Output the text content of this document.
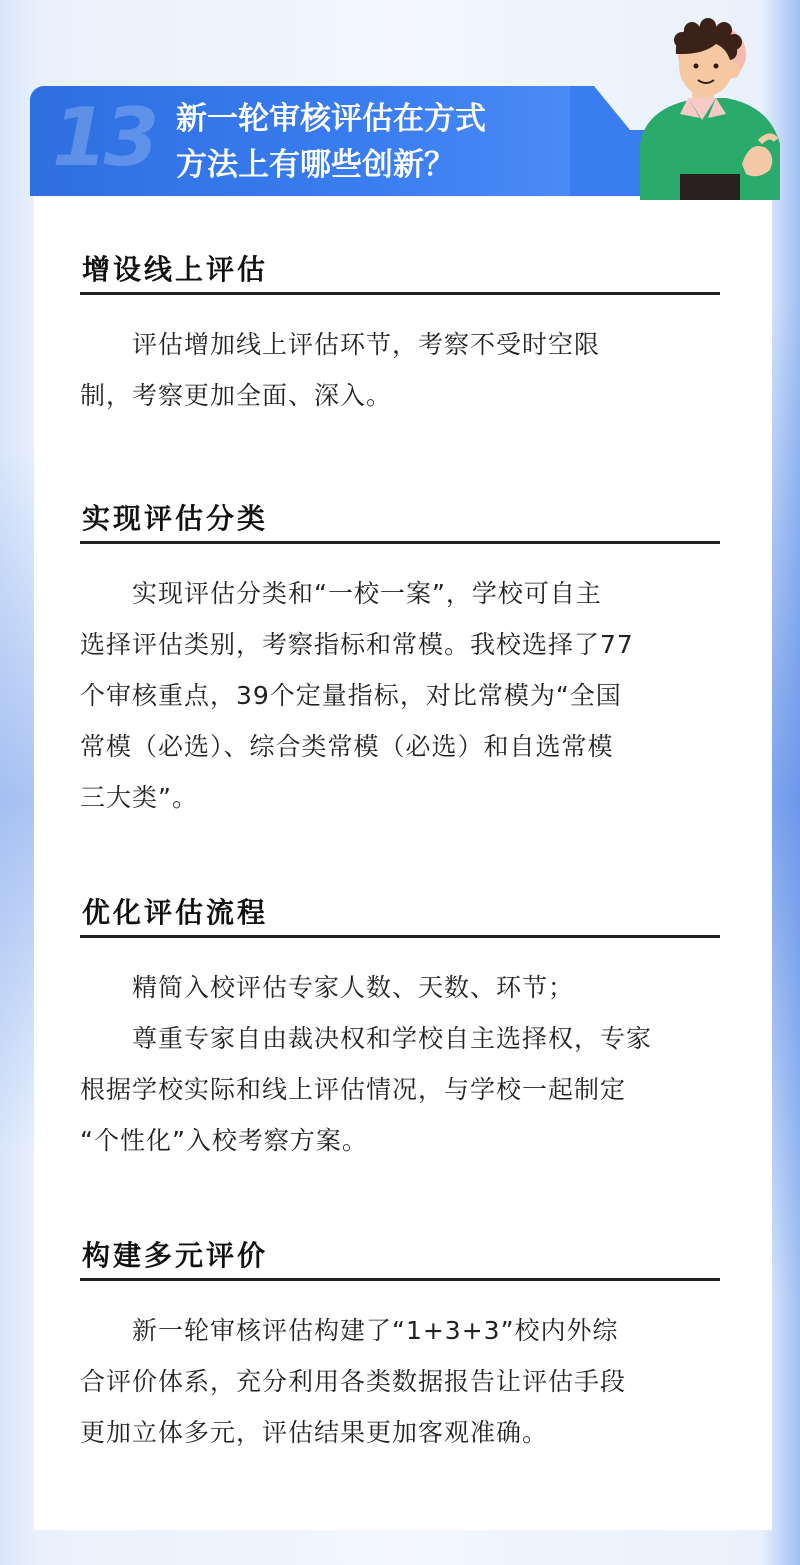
13 新一轮审核评估在方式
方法上有哪些创新？
增设线上评估

　　评估增加线上评估环节，考察不受时空限

制，考察更加全面、深入。

实现评估分类

　　实现评估分类和“一校一案”，学校可自主

选择评估类别，考察指标和常模。我校选择了77

个审核重点，39个定量指标，对比常模为“全国

常模（必选）、综合类常模（必选）和自选常模

三大类”。

优化评估流程

　　精简入校评估专家人数、天数、环节；

　　尊重专家自由裁决权和学校自主选择权，专家

根据学校实际和线上评估情况，与学校一起制定

“个性化”入校考察方案。

构建多元评价

　　新一轮审核评估构建了“1+3+3”校内外综

合评价体系，充分利用各类数据报告让评估手段

更加立体多元，评估结果更加客观准确。
